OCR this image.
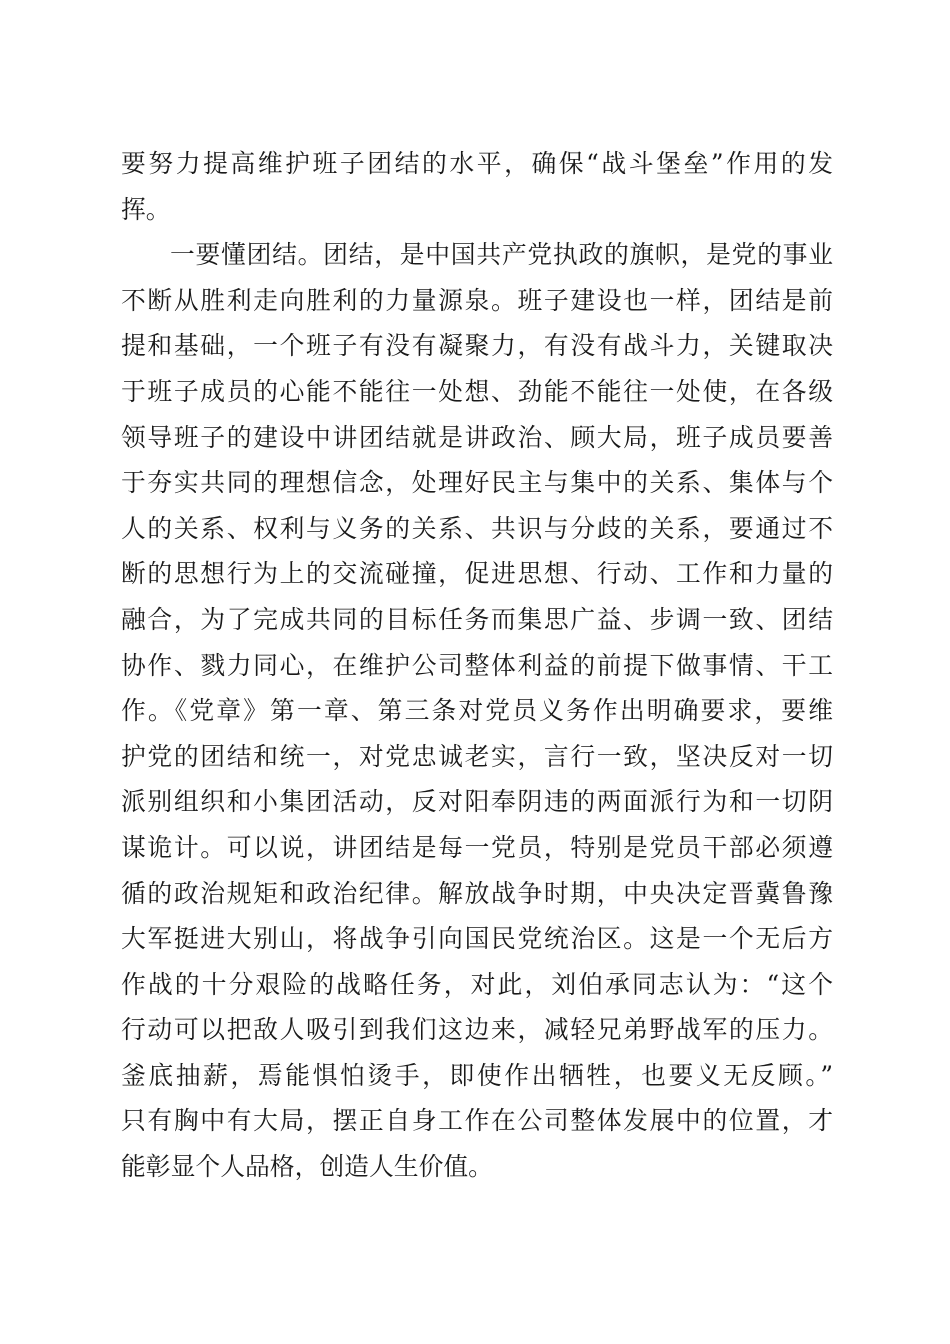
要努力提高维护班子团结的水平，确保“战斗堡垒”作用的发
挥。
一要懂团结。团结，是中国共产党执政的旗帜，是党的事业
不断从胜利走向胜利的力量源泉。班子建设也一样，团结是前
提和基础，一个班子有没有凝聚力，有没有战斗力，关键取决
于班子成员的心能不能往一处想、劲能不能往一处使，在各级
领导班子的建设中讲团结就是讲政治、顾大局，班子成员要善
于夯实共同的理想信念，处理好民主与集中的关系、集体与个
人的关系、权利与义务的关系、共识与分歧的关系，要通过不
断的思想行为上的交流碰撞，促进思想、行动、工作和力量的
融合，为了完成共同的目标任务而集思广益、步调一致、团结
协作、戮力同心，在维护公司整体利益的前提下做事情、干工
作。《党章》第一章、第三条对党员义务作出明确要求，要维
护党的团结和统一，对党忠诚老实，言行一致，坚决反对一切
派别组织和小集团活动，反对阳奉阴违的两面派行为和一切阴
谋诡计。可以说，讲团结是每一党员，特别是党员干部必须遵
循的政治规矩和政治纪律。解放战争时期，中央决定晋冀鲁豫
大军挺进大别山，将战争引向国民党统治区。这是一个无后方
作战的十分艰险的战略任务，对此，刘伯承同志认为：“这个
行动可以把敌人吸引到我们这边来，减轻兄弟野战军的压力。
釜底抽薪，焉能惧怕烫手，即使作出牺牲，也要义无反顾。”
只有胸中有大局，摆正自身工作在公司整体发展中的位置，才
能彰显个人品格，创造人生价值。
